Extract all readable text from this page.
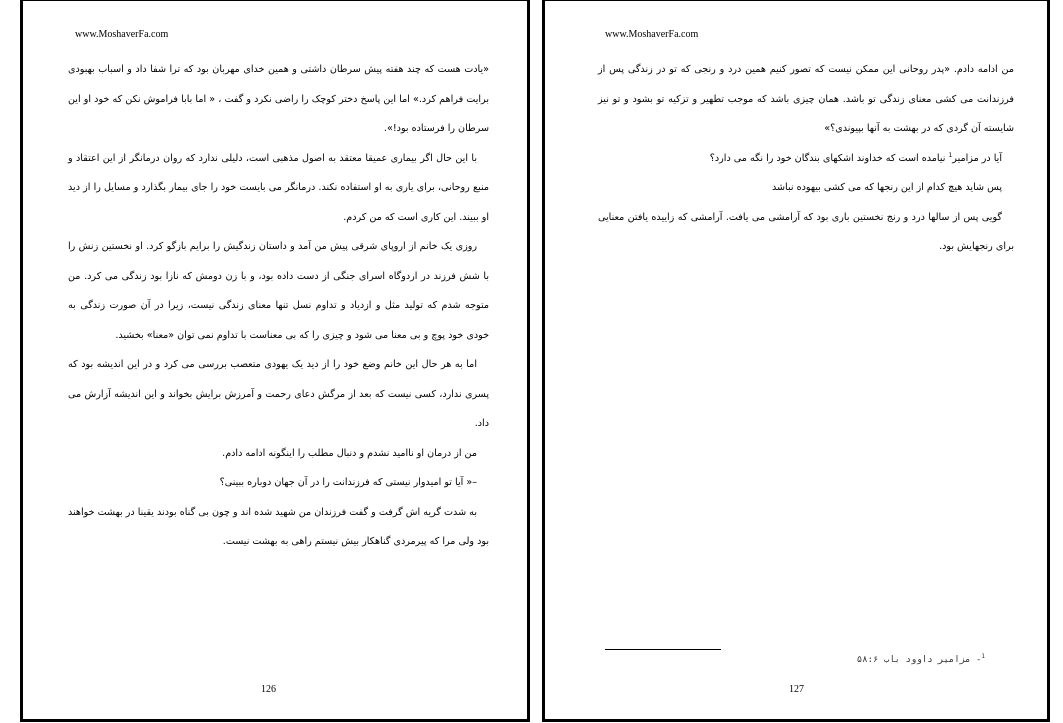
www.MoshaverFa.com

«یادت هست که چند هفته پیش سرطان داشتی و همین خدای مهربان بود که ترا شفا داد و اسباب بهبودی برایت فراهم کرد.» اما این پاسخ دختر کوچک را راضی نکرد و گفت ، « اما بابا فراموش نکن که خود او این سرطان را فرستاده بود!».

با این حال اگر بیماری عمیقا معتقد به اصول مذهبی است، دلیلی ندارد که روان درمانگر از این اعتقاد و منبع روحانی، برای یاری به او استفاده نکند. درمانگر می بایست خود را جای بیمار بگذارد و مسایل را از دید او ببیند. این کاری است که من کردم.

روزی یک خانم از اروپای شرقی پیش من آمد و داستان زندگیش را برایم بازگو کرد. او نخستین زنش را با شش فرزند در اردوگاه اسرای جنگی از دست داده بود، و با زن دومش که نازا بود زندگی می کرد. من متوجه شدم که تولید مثل و ازدیاد و تداوم نسل تنها معنای زندگی نیست، زیرا در آن صورت زندگی به خودی خود پوچ و بی معنا می شود و چیزی را که بی معناست با تداوم نمی توان «معنا» بخشید.

اما به هر حال این خانم وضع خود را از دید یک یهودی متعصب بررسی می کرد و در این اندیشه بود که پسری ندارد، کسی نیست که بعد از مرگش دعای رحمت و آمرزش برایش بخواند و این اندیشه آزارش می داد.

من از درمان او ناامید نشدم و دنبال مطلب را اینگونه ادامه دادم.

–« آیا تو امیدوار نیستی که فرزندانت را در آن جهان دوباره ببینی؟

به شدت گریه اش گرفت و گفت فرزندان من شهید شده اند و چون بی گناه بودند یقینا در بهشت خواهند بود ولی مرا که پیرمردی گناهکار بیش نیستم راهی به بهشت نیست.

126
www.MoshaverFa.com

من ادامه دادم. «پدر روحانی این ممکن نیست که تصور کنیم همین درد و رنجی که تو در زندگی پس از فرزندانت می کشی معنای زندگی تو باشد. همان چیزی باشد که موجب تطهیر و تزکیه تو بشود و تو نیز شایسته آن گردی که در بهشت به آنها بپیوندی؟»

آیا در مزامیر$^1$ نیامده است که خداوند اشکهای بندگان خود را نگه می دارد؟

پس شاید هیچ کدام از این رنجها که می کشی بیهوده نباشد

گویی پس از سالها درد و رنج نخستین باری بود که آرامشی می یافت. آرامشی که زاییده یافتن معنایی برای رنجهایش بود.

$^1$- مزامیر داوود باب ۵۸:۶
127
